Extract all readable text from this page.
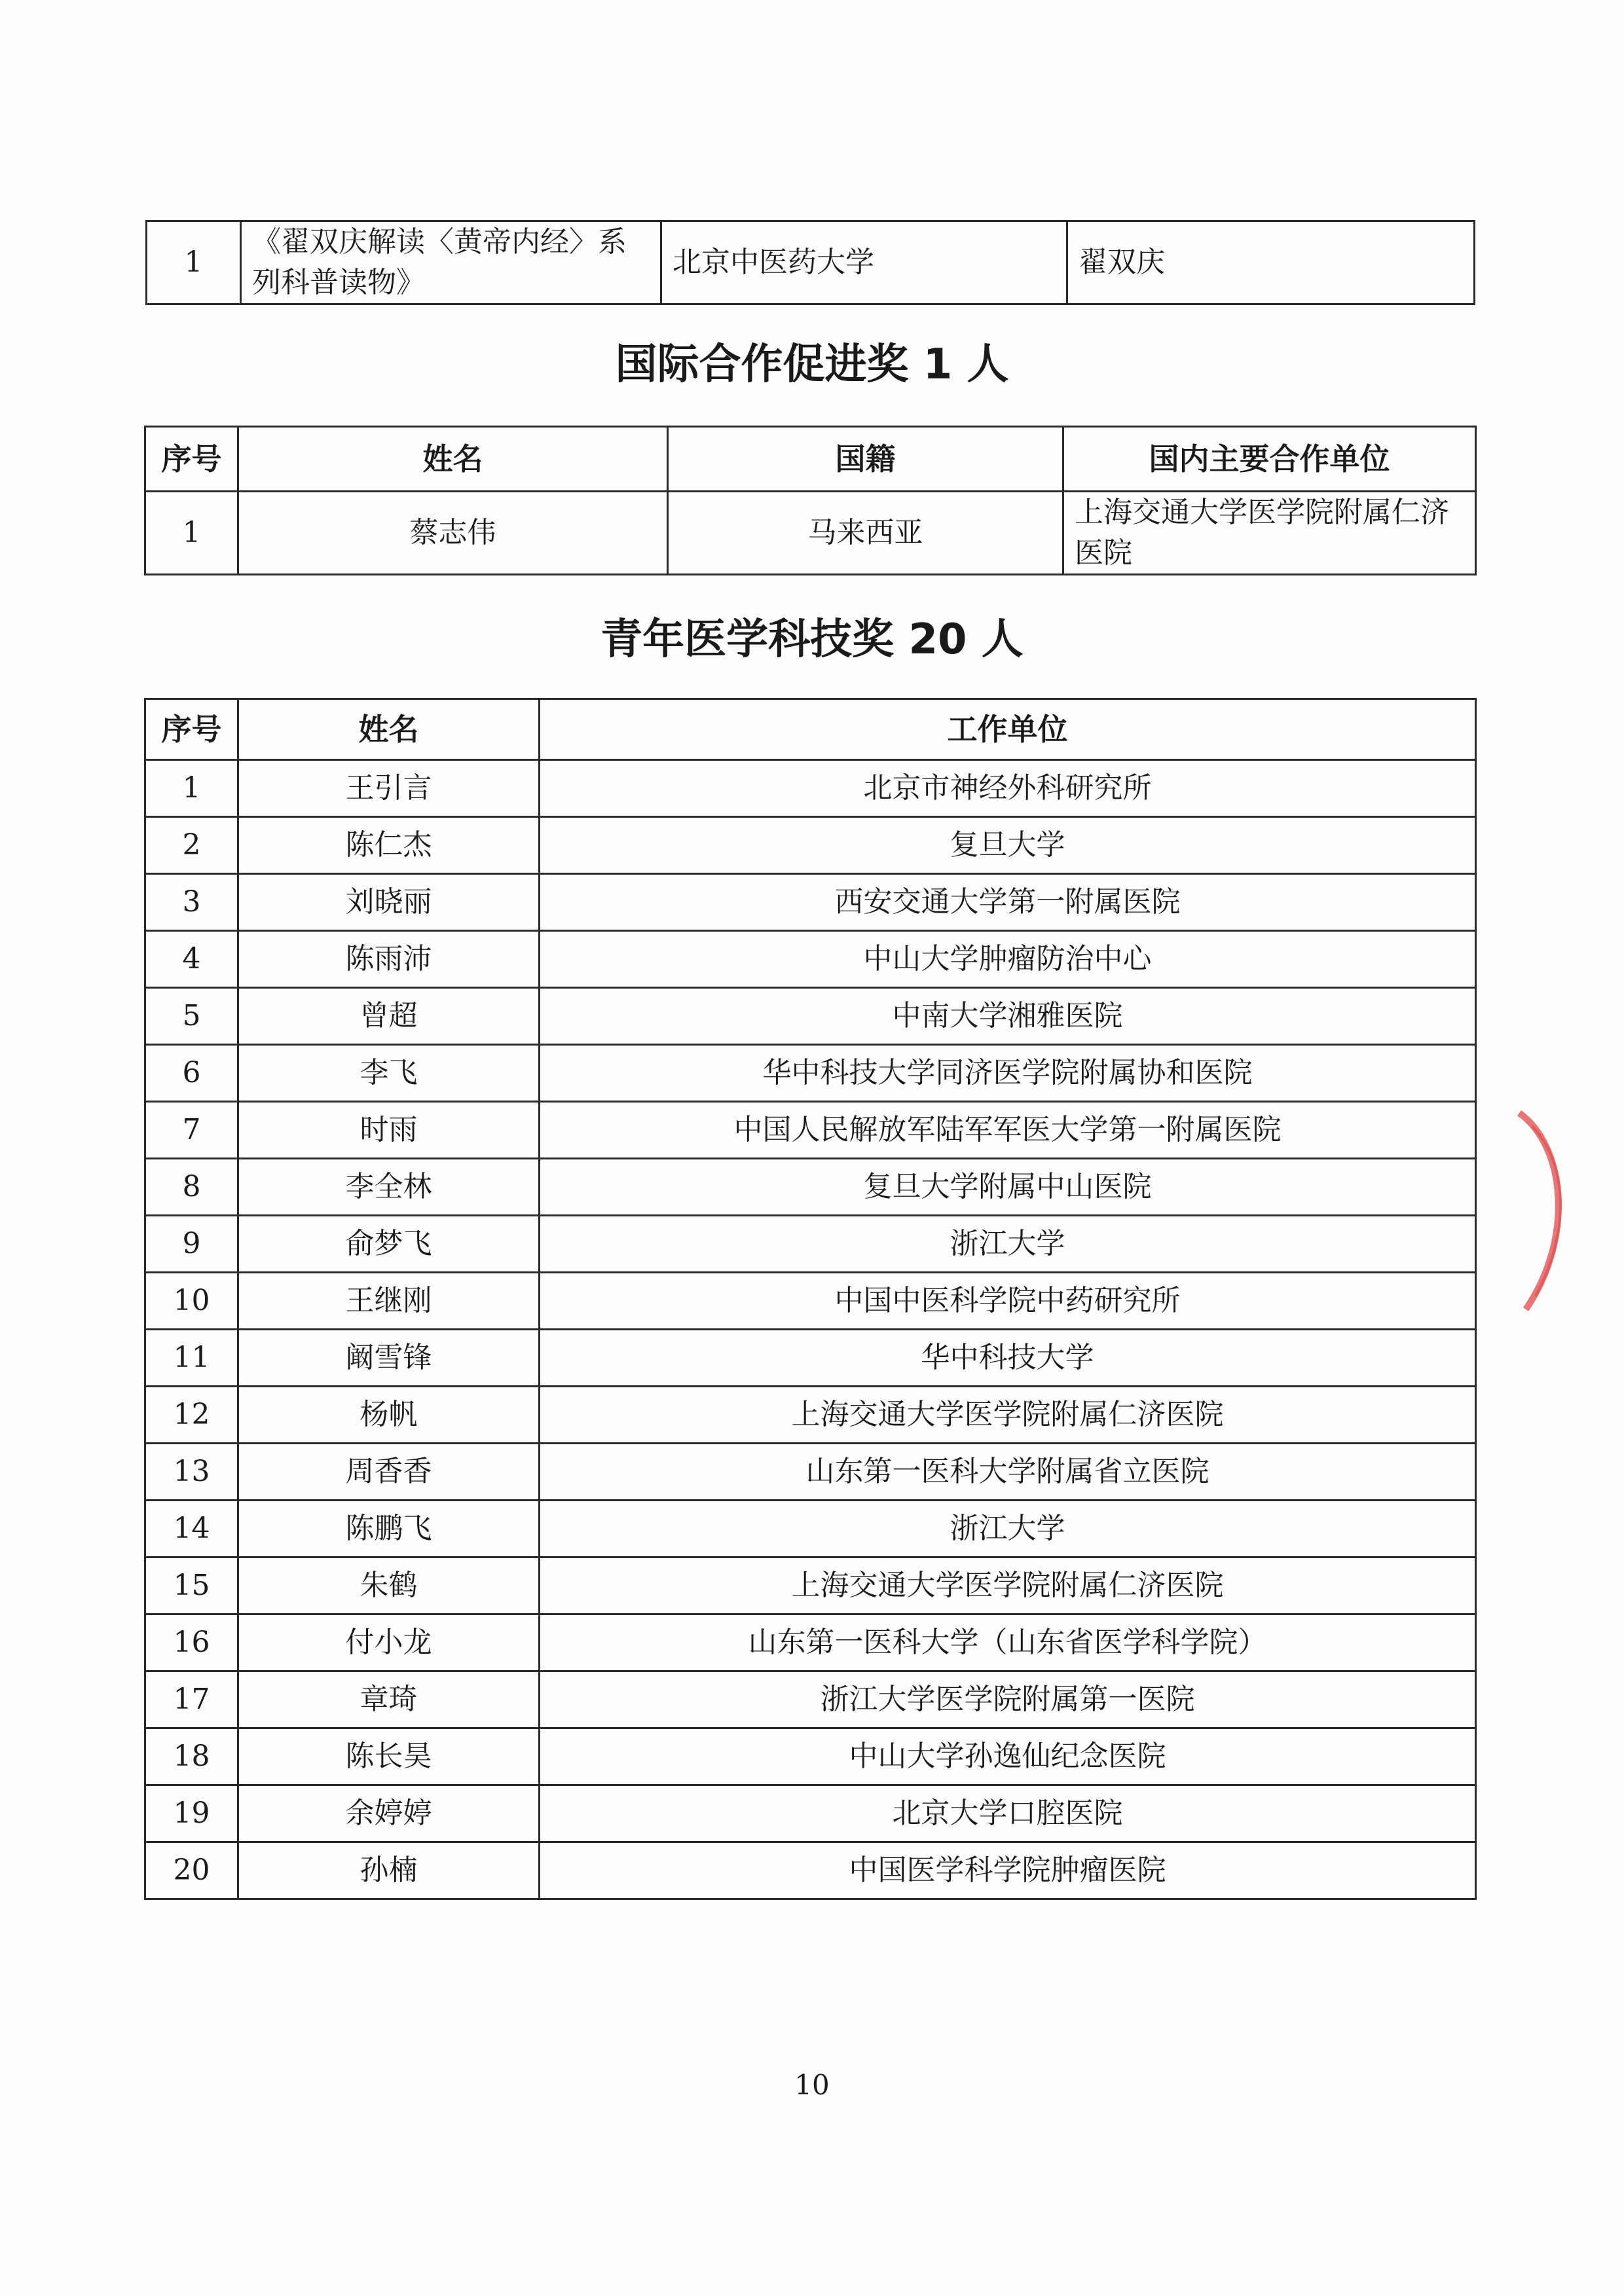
1	《翟双庆解读〈黄帝内经〉系列科普读物》	北京中医药大学	翟双庆
国际合作促进奖 1 人
序号	姓名	国籍	国内主要合作单位
1	蔡志伟	马来西亚	上海交通大学医学院附属仁济医院
青年医学科技奖 20 人
序号	姓名	工作单位
1	王引言	北京市神经外科研究所
2	陈仁杰	复旦大学
3	刘晓丽	西安交通大学第一附属医院
4	陈雨沛	中山大学肿瘤防治中心
5	曾超	中南大学湘雅医院
6	李飞	华中科技大学同济医学院附属协和医院
7	时雨	中国人民解放军陆军军医大学第一附属医院
8	李全林	复旦大学附属中山医院
9	俞梦飞	浙江大学
10	王继刚	中国中医科学院中药研究所
11	阚雪锋	华中科技大学
12	杨帆	上海交通大学医学院附属仁济医院
13	周香香	山东第一医科大学附属省立医院
14	陈鹏飞	浙江大学
15	朱鹤	上海交通大学医学院附属仁济医院
16	付小龙	山东第一医科大学（山东省医学科学院）
17	章琦	浙江大学医学院附属第一医院
18	陈长昊	中山大学孙逸仙纪念医院
19	余婷婷	北京大学口腔医院
20	孙楠	中国医学科学院肿瘤医院
10
